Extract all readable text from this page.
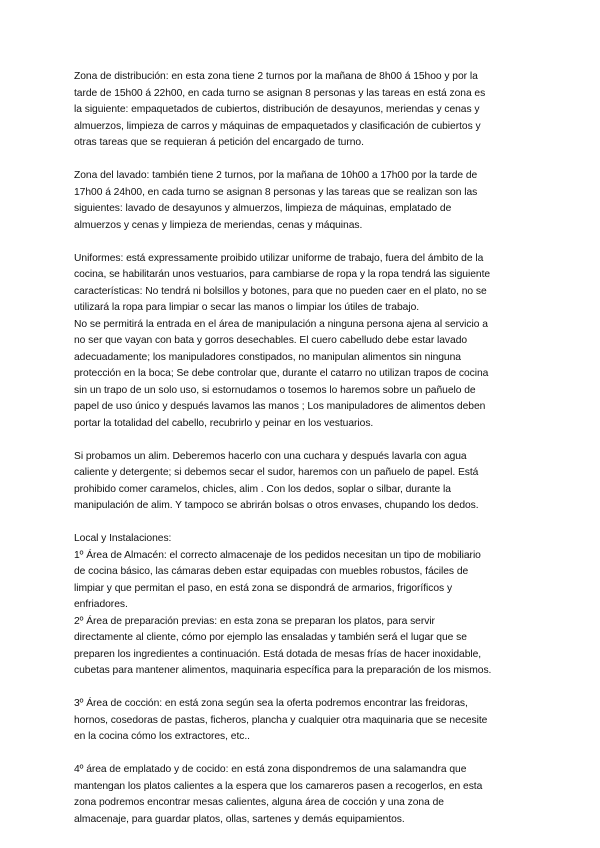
Zona de distribución: en esta zona tiene 2 turnos por la mañana de 8h00 á 15hoo y por la
tarde de 15h00 á 22h00, en cada turno se asignan 8 personas y las tareas en está zona es
la siguiente: empaquetados de cubiertos, distribución de desayunos, meriendas y cenas y
almuerzos, limpieza de carros y máquinas de empaquetados y clasificación de cubiertos y
otras tareas que se requieran á petición del encargado de turno.

Zona del lavado: también tiene 2 turnos, por la mañana de 10h00 a 17h00 por la tarde de
17h00 á 24h00, en cada turno se asignan 8 personas y las tareas que se realizan son las
siguientes: lavado de desayunos y almuerzos, limpieza de máquinas, emplatado de
almuerzos y cenas y limpieza de meriendas, cenas y máquinas.

Uniformes: está expressamente proibido utilizar uniforme de trabajo, fuera del ámbito de la
cocina, se habilitarán unos vestuarios, para cambiarse de ropa y la ropa tendrá las siguiente
características: No tendrá ni bolsillos y botones, para que no pueden caer en el plato, no se
utilizará la ropa para limpiar o secar las manos o limpiar los útiles de trabajo.
No se permitirá la entrada en el área de manipulación a ninguna persona ajena al servicio a
no ser que vayan con bata y gorros desechables. El cuero cabelludo debe estar lavado
adecuadamente; los manipuladores constipados, no manipulan alimentos sin ninguna
protección en la boca; Se debe controlar que, durante el catarro no utilizan trapos de cocina
sin un trapo de un solo uso, si estornudamos o tosemos lo haremos sobre un pañuelo de
papel de uso único y después lavamos las manos ; Los manipuladores de alimentos deben
portar la totalidad del cabello, recubrirlo y peinar en los vestuarios.

Si probamos un alim. Deberemos hacerlo con una cuchara y después lavarla con agua
caliente y detergente; si debemos secar el sudor, haremos con un pañuelo de papel. Está
prohibido comer caramelos, chicles, alim . Con los dedos, soplar o silbar, durante la
manipulación de alim. Y tampoco se abrirán bolsas o otros envases, chupando los dedos.

Local y Instalaciones:
1º Área de Almacén: el correcto almacenaje de los pedidos necesitan un tipo de mobiliario
de cocina básico, las cámaras deben estar equipadas con muebles robustos, fáciles de
limpiar y que permitan el paso, en está zona se dispondrá de armarios, frigoríficos y
enfriadores.
2º Área de preparación previas: en esta zona se preparan los platos, para servir
directamente al cliente, cómo por ejemplo las ensaladas y también será el lugar que se
preparen los ingredientes a continuación. Está dotada de mesas frías de hacer inoxidable,
cubetas para mantener alimentos, maquinaria específica para la preparación de los mismos.

3º Área de cocción: en está zona según sea la oferta podremos encontrar las freidoras,
hornos, cosedoras de pastas, ficheros, plancha y cualquier otra maquinaria que se necesite
en la cocina cómo los extractores, etc..

4º área de emplatado y de cocido: en está zona dispondremos de una salamandra que
mantengan los platos calientes a la espera que los camareros pasen a recogerlos, en esta
zona podremos encontrar mesas calientes, alguna área de cocción y una zona de
almacenaje, para guardar platos, ollas, sartenes y demás equipamientos.
